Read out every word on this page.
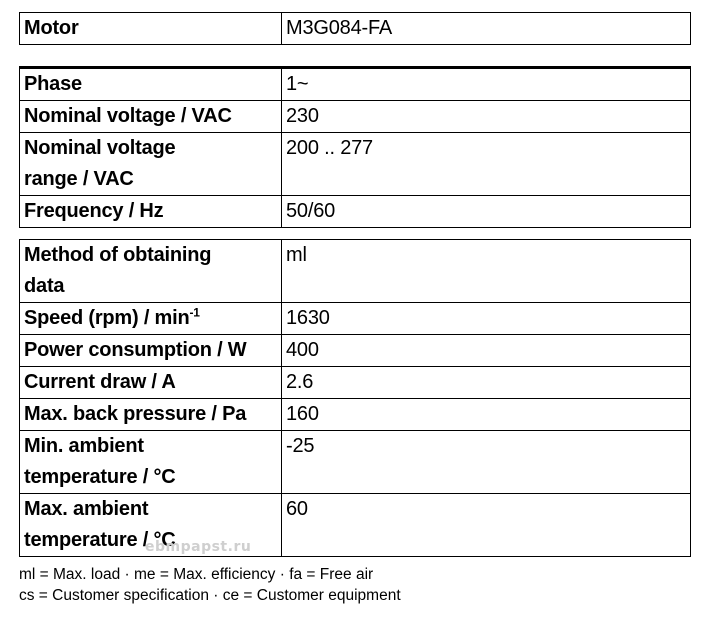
Motor	M3G084-FA
Phase	1~
Nominal voltage / VAC	230
Nominal voltage
range / VAC	200 .. 277
Frequency / Hz	50/60
Method of obtaining
data	ml
Speed $(rpm) / \min^{-1}$	1630
Power consumption / W	400
Current draw / A	2.6
Max. back pressure / Pa	160
Min. ambient
temperature / °C	-25
Max. ambient
temperature / °C	60
ebmpapst.ru
ml = Max. load · me = Max. efficiency · fa = Free air
cs = Customer specification · ce = Customer equipment
